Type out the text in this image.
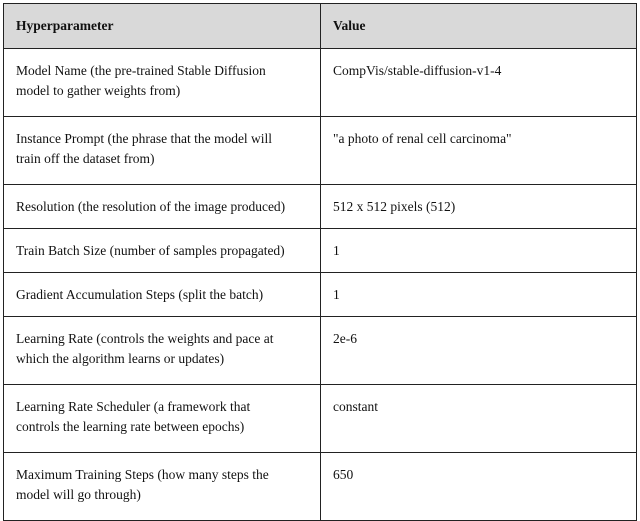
Hyperparameter	Value
Model Name (the pre-trained Stable Diffusion
model to gather weights from)	CompVis/stable-diffusion-v1-4
Instance Prompt (the phrase that the model will
train off the dataset from)	"a photo of renal cell carcinoma"
Resolution (the resolution of the image produced)	512 x 512 pixels (512)
Train Batch Size (number of samples propagated)	1
Gradient Accumulation Steps (split the batch)	1
Learning Rate (controls the weights and pace at
which the algorithm learns or updates)	2e-6
Learning Rate Scheduler (a framework that
controls the learning rate between epochs)	constant
Maximum Training Steps (how many steps the
model will go through)	650
